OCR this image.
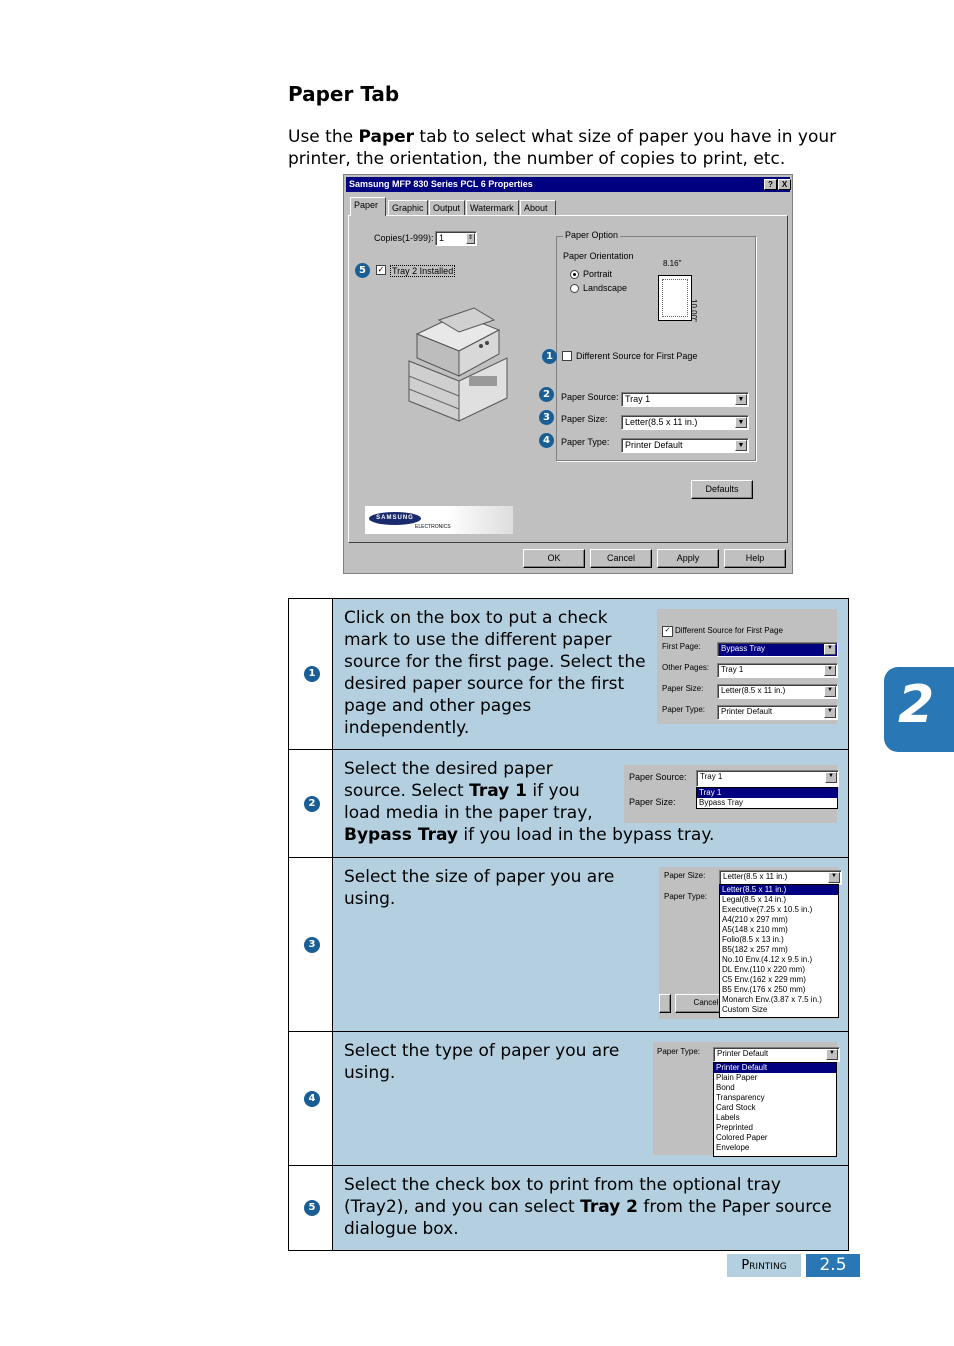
Paper Tab
Use the Paper tab to select what size of paper you have in your printer, the orientation, the number of copies to print, etc.
Samsung MFP 830 Series PCL 6 Properties	?	X
Paper	Graphic	Output	Watermark	About
Copies(1-999): 1	⇕
5	✓ Tray 2 Installed
Paper Option
Paper Orientation
Portrait
Landscape
8.16"
10.00"
1	Different Source for First Page
2	Paper Source: Tray 1	▼
3	Paper Size:	Letter(8.5 x 11 in.)	▼
4	Paper Type:	Printer Default	▼
Defaults
SAMSUNG
ELECTRONICS
OK	Cancel	Apply	Help
1
Click on the box to put a check mark to use the different paper source for the first page. Select the desired paper source for the first page and other pages independently.
✓ Different Source for First Page
First Page:	Bypass Tray	▼
Other Pages:	Tray 1	▼
Paper Size:	Letter(8.5 x 11 in.)	▼
Paper Type:	Printer Default	▼
2
Select the desired paper source. Select Tray 1 if you load media in the paper tray,
Bypass Tray if you load in the bypass tray.
Paper Source:	Tray 1	▼
Paper Size:
Tray 1
Bypass Tray
3
Select the size of paper you are using.
Paper Size:	Letter(8.5 x 11 in.)	▼
Paper Type:
Cancel
Letter(8.5 x 11 in.)
Legal(8.5 x 14 in.)
Executive(7.25 x 10.5 in.)
A4(210 x 297 mm)
A5(148 x 210 mm)
Folio(8.5 x 13 in.)
B5(182 x 257 mm)
No.10 Env.(4.12 x 9.5 in.)
DL Env.(110 x 220 mm)
C5 Env.(162 x 229 mm)
B5 Env.(176 x 250 mm)
Monarch Env.(3.87 x 7.5 in.)
Custom Size
4
Select the type of paper you are using.
Paper Type:	Printer Default	▼
Printer Default
Plain Paper
Bond
Transparency
Card Stock
Labels
Preprinted
Colored Paper
Envelope
5
Select the check box to print from the optional tray (Tray2), and you can select Tray 2 from the Paper source dialogue box.
2
Printing	2.5
